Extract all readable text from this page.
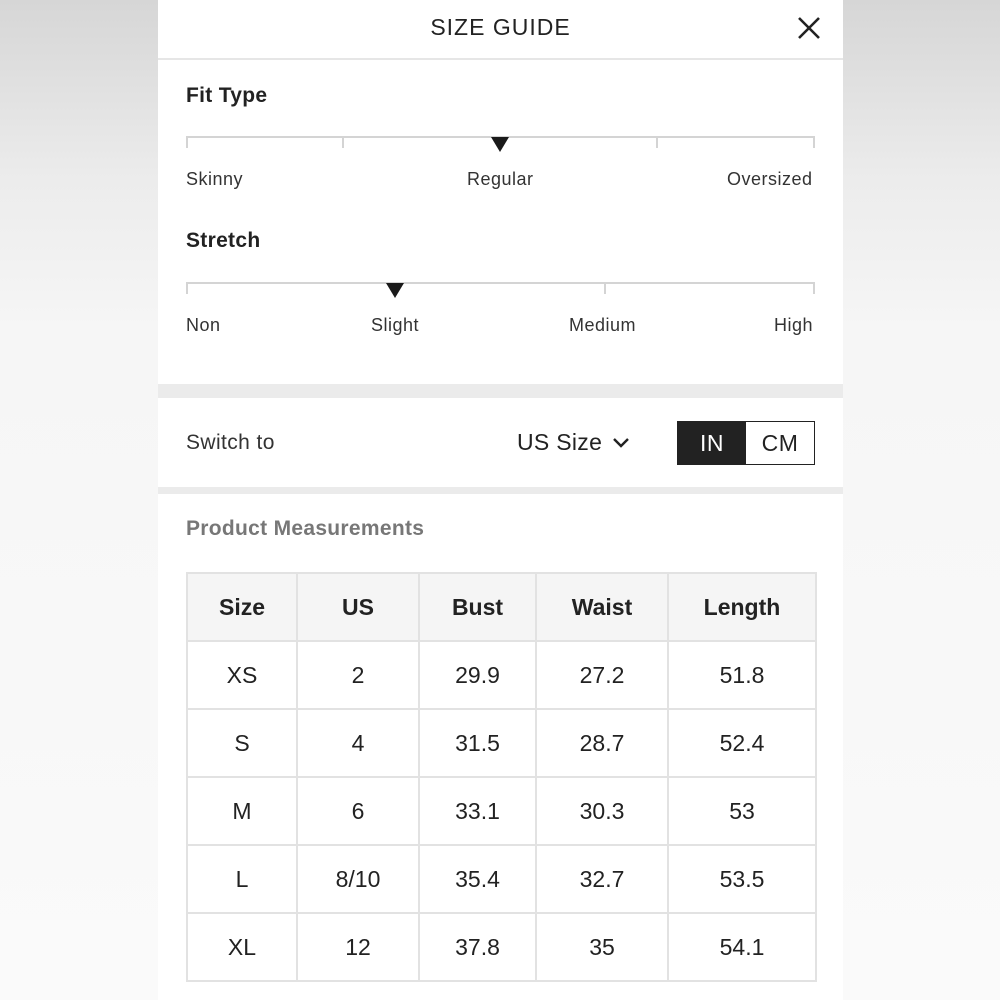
SIZE GUIDE
Fit Type
Skinny	Regular	Oversized
Stretch
Non	Slight	Medium	High
Switch to	US Size	IN	CM
Product Measurements
Size	US	Bust	Waist	Length
XS	2	29.9	27.2	51.8
S	4	31.5	28.7	52.4
M	6	33.1	30.3	53
L	8/10	35.4	32.7	53.5
XL	12	37.8	35	54.1
